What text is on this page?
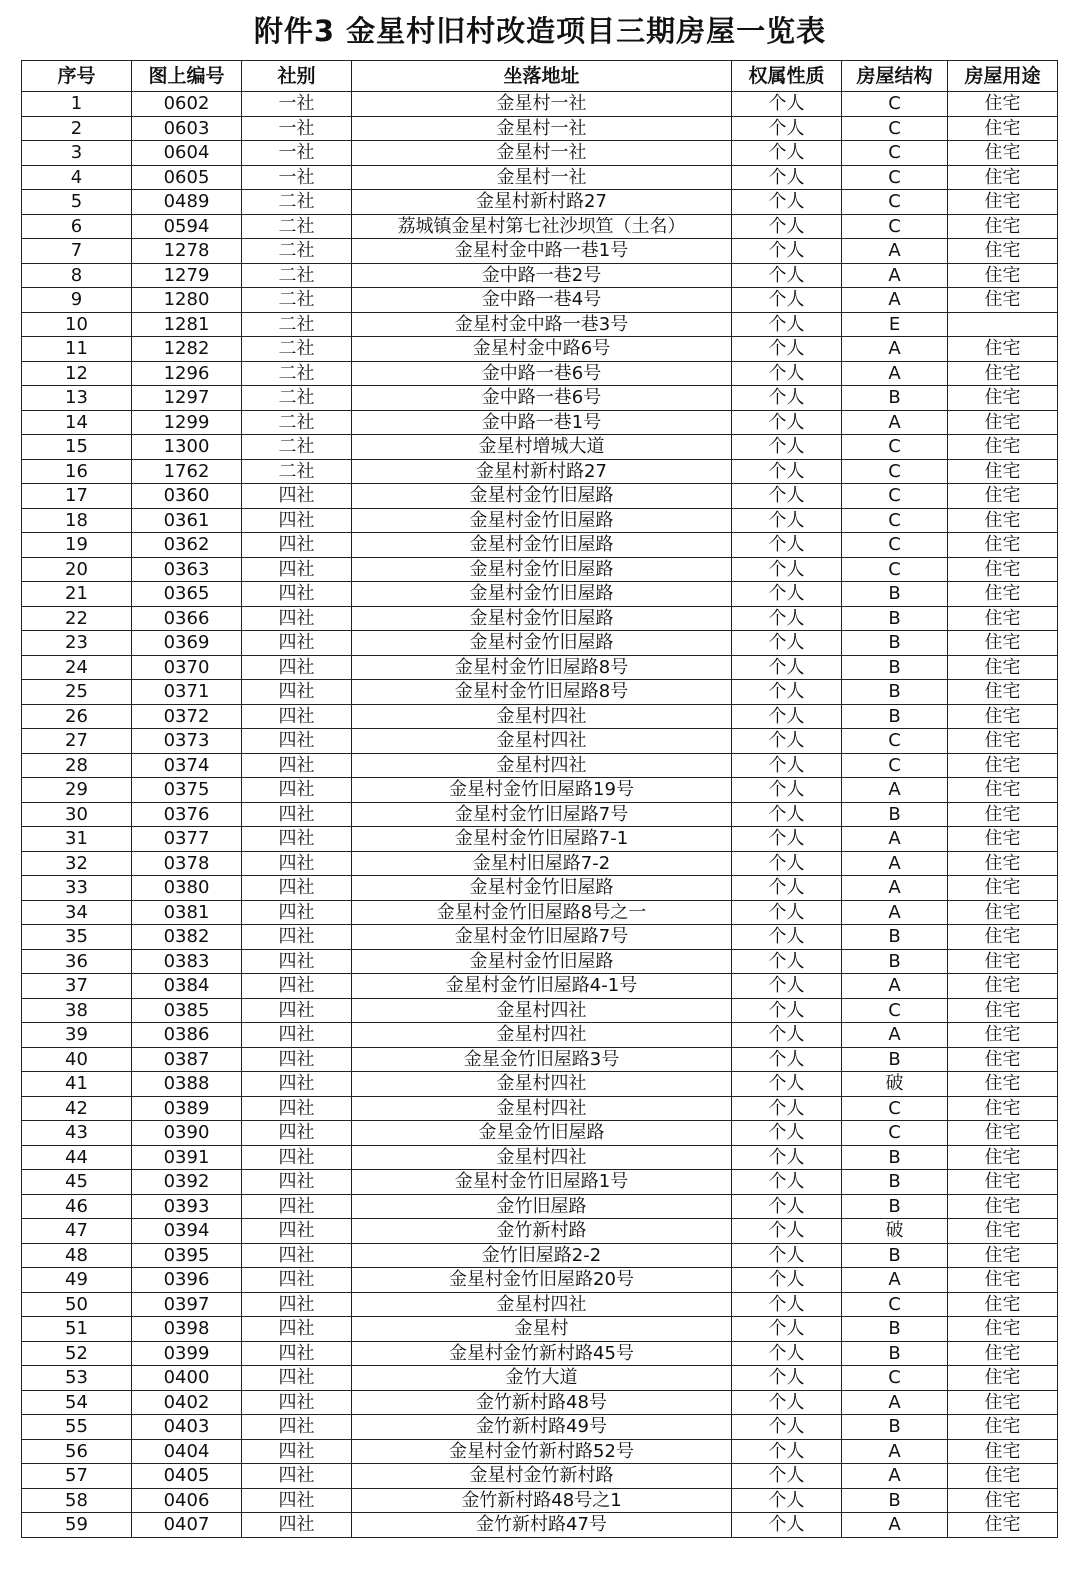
附件3 金星村旧村改造项目三期房屋一览表
序号	图上编号	社别	坐落地址	权属性质	房屋结构	房屋用途
1	0602	一社	金星村一社	个人	C	住宅
2	0603	一社	金星村一社	个人	C	住宅
3	0604	一社	金星村一社	个人	C	住宅
4	0605	一社	金星村一社	个人	C	住宅
5	0489	二社	金星村新村路27	个人	C	住宅
6	0594	二社	荔城镇金星村第七社沙坝笪（土名）	个人	C	住宅
7	1278	二社	金星村金中路一巷1号	个人	A	住宅
8	1279	二社	金中路一巷2号	个人	A	住宅
9	1280	二社	金中路一巷4号	个人	A	住宅
10	1281	二社	金星村金中路一巷3号	个人	E	
11	1282	二社	金星村金中路6号	个人	A	住宅
12	1296	二社	金中路一巷6号	个人	A	住宅
13	1297	二社	金中路一巷6号	个人	B	住宅
14	1299	二社	金中路一巷1号	个人	A	住宅
15	1300	二社	金星村增城大道	个人	C	住宅
16	1762	二社	金星村新村路27	个人	C	住宅
17	0360	四社	金星村金竹旧屋路	个人	C	住宅
18	0361	四社	金星村金竹旧屋路	个人	C	住宅
19	0362	四社	金星村金竹旧屋路	个人	C	住宅
20	0363	四社	金星村金竹旧屋路	个人	C	住宅
21	0365	四社	金星村金竹旧屋路	个人	B	住宅
22	0366	四社	金星村金竹旧屋路	个人	B	住宅
23	0369	四社	金星村金竹旧屋路	个人	B	住宅
24	0370	四社	金星村金竹旧屋路8号	个人	B	住宅
25	0371	四社	金星村金竹旧屋路8号	个人	B	住宅
26	0372	四社	金星村四社	个人	B	住宅
27	0373	四社	金星村四社	个人	C	住宅
28	0374	四社	金星村四社	个人	C	住宅
29	0375	四社	金星村金竹旧屋路19号	个人	A	住宅
30	0376	四社	金星村金竹旧屋路7号	个人	B	住宅
31	0377	四社	金星村金竹旧屋路7-1	个人	A	住宅
32	0378	四社	金星村旧屋路7-2	个人	A	住宅
33	0380	四社	金星村金竹旧屋路	个人	A	住宅
34	0381	四社	金星村金竹旧屋路8号之一	个人	A	住宅
35	0382	四社	金星村金竹旧屋路7号	个人	B	住宅
36	0383	四社	金星村金竹旧屋路	个人	B	住宅
37	0384	四社	金星村金竹旧屋路4-1号	个人	A	住宅
38	0385	四社	金星村四社	个人	C	住宅
39	0386	四社	金星村四社	个人	A	住宅
40	0387	四社	金星金竹旧屋路3号	个人	B	住宅
41	0388	四社	金星村四社	个人	破	住宅
42	0389	四社	金星村四社	个人	C	住宅
43	0390	四社	金星金竹旧屋路	个人	C	住宅
44	0391	四社	金星村四社	个人	B	住宅
45	0392	四社	金星村金竹旧屋路1号	个人	B	住宅
46	0393	四社	金竹旧屋路	个人	B	住宅
47	0394	四社	金竹新村路	个人	破	住宅
48	0395	四社	金竹旧屋路2-2	个人	B	住宅
49	0396	四社	金星村金竹旧屋路20号	个人	A	住宅
50	0397	四社	金星村四社	个人	C	住宅
51	0398	四社	金星村	个人	B	住宅
52	0399	四社	金星村金竹新村路45号	个人	B	住宅
53	0400	四社	金竹大道	个人	C	住宅
54	0402	四社	金竹新村路48号	个人	A	住宅
55	0403	四社	金竹新村路49号	个人	B	住宅
56	0404	四社	金星村金竹新村路52号	个人	A	住宅
57	0405	四社	金星村金竹新村路	个人	A	住宅
58	0406	四社	金竹新村路48号之1	个人	B	住宅
59	0407	四社	金竹新村路47号	个人	A	住宅
